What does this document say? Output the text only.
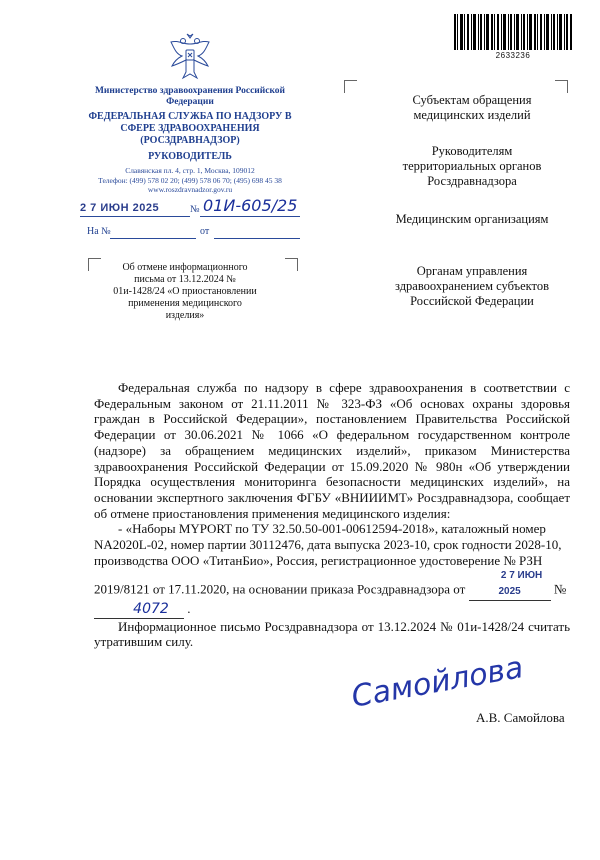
2633236
Министерство здравоохранения Российской Федерации
ФЕДЕРАЛЬНАЯ СЛУЖБА ПО НАДЗОРУ В СФЕРЕ ЗДРАВООХРАНЕНИЯ (РОСЗДРАВНАДЗОР)
РУКОВОДИТЕЛЬ
Славянская пл. 4, стр. 1, Москва, 109012
Телефон: (499) 578 02 20; (499) 578 06 70; (495) 698 45 38
www.roszdravnadzor.gov.ru
2 7 ИЮН 2025	№ 01И-605/25
На №	от
Об отмене информационного письма от 13.12.2024 № 01и-1428/24 «О приостановлении применения медицинского изделия»
Субъектам обращения медицинских изделий
Руководителям территориальных органов Росздравнадзора
Медицинским организациям
Органам управления здравоохранением субъектов Российской Федерации

Федеральная служба по надзору в сфере здравоохранения в соответствии с Федеральным законом от 21.11.2011 № 323-ФЗ «Об основах охраны здоровья граждан в Российской Федерации», постановлением Правительства Российской Федерации от 30.06.2021 № 1066 «О федеральном государственном контроле (надзоре) за обращением медицинских изделий», приказом Министерства здравоохранения Российской Федерации от 15.09.2020 № 980н «Об утверждении Порядка осуществления мониторинга безопасности медицинских изделий», на основании экспертного заключения ФГБУ «ВНИИИМТ» Росздравнадзора, сообщает об отмене приостановления применения медицинского изделия:

- «Наборы MYPORT по ТУ 32.50.50-001-00612594-2018», каталожный номер NA2020L-02, номер партии 30112476, дата выпуска 2023-10, срок годности 2028-10, производства ООО «ТитанБио», Россия, регистрационное удостоверение № РЗН 2019/8121 от 17.11.2020, на основании приказа Росздравнадзора от 2 7 ИЮН 2025	№ 4072 .

Информационное письмо Росздравнадзора от 13.12.2024 № 01и-1428/24 считать утратившим силу.

Самойлова
А.В. Самойлова
